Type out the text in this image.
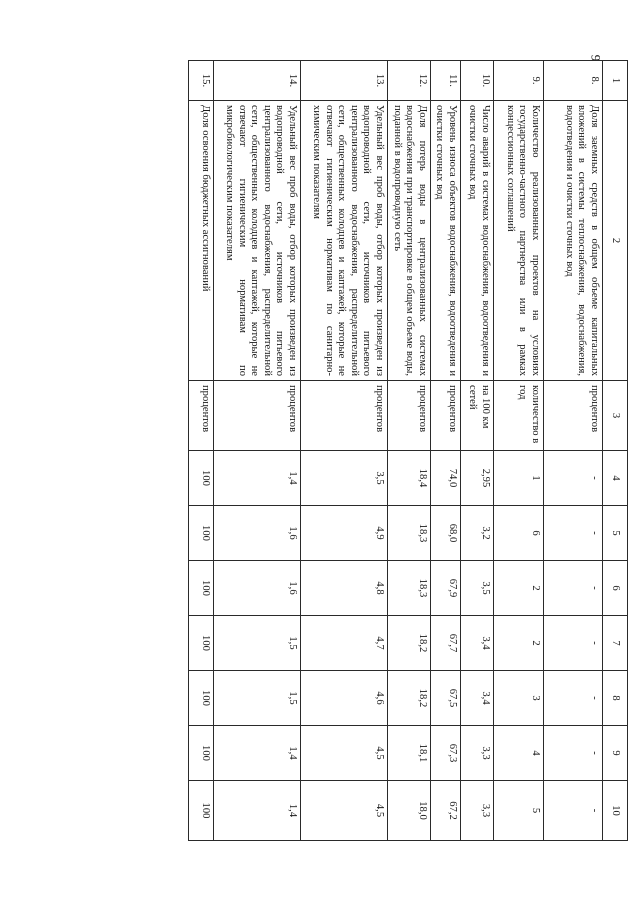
9
1	2	3	4	5	6	7	8	9	10
8.	Доля заемных средств в общем объеме капитальных вложений в системы теплоснабжения, водоснабжения, водоотведения и очистки сточных вод	процентов	-	-	-	-	-	-	-
9.	Количество реализованных проектов на условиях государственно-частного партнерства или в рамках концессионных соглашений	количество в год	1	6	2	2	3	4	5
10.	Число аварий в системах водоснабжения, водоотведения и очистки сточных вод	на 100 км сетей	2,95	3,2	3,5	3,4	3,4	3,3	3,3
11.	Уровень износа объектов водоснабжения, водоотведения и очистки сточных вод	процентов	74,0	68,0	67,9	67,7	67,5	67,3	67,2
12.	Доля потерь воды в централизованных системах водоснабжения при транспортировке в общем объеме воды, поданной в водопроводную сеть	процентов	18,4	18,3	18,3	18,2	18,2	18,1	18,0
13.	Удельный вес проб воды, отбор которых произведен из водопроводной сети, источников питьевого централизованного водоснабжения, распределительной сети, общественных колодцев и каптажей, которые не отвечают гигиеническим нормативам по санитарно-химическим показателям	процентов	3,5	4,9	4,8	4,7	4,6	4,5	4,5
14.	Удельный вес проб воды, отбор которых произведен из водопроводной сети, источников питьевого централизованного водоснабжения, распределительной сети, общественных колодцев и каптажей, которые не отвечают гигиеническим нормативам по микробиологическим показателям	процентов	1,4	1,6	1,6	1,5	1,5	1,4	1,4
15.	Доля освоения бюджетных ассигнований	процентов	100	100	100	100	100	100	100
